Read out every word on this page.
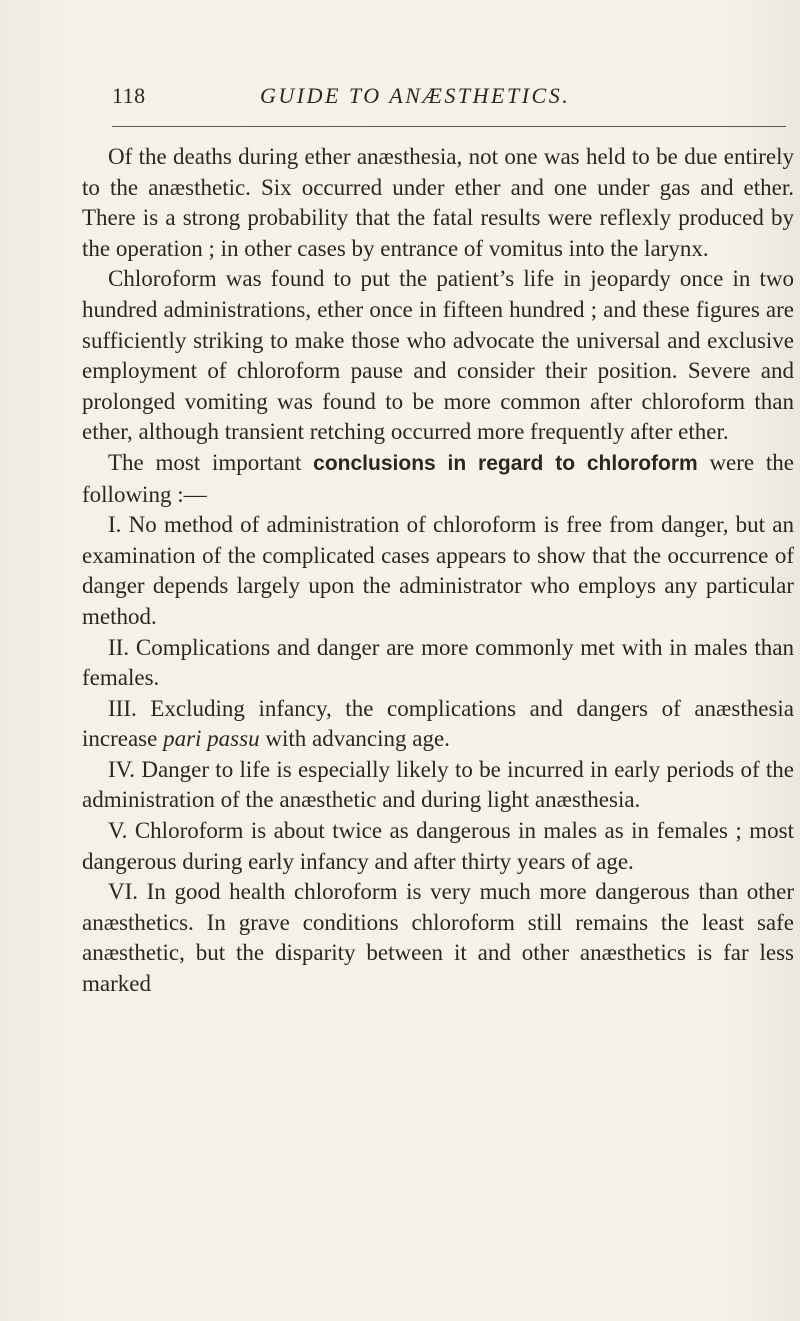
118	GUIDE TO ANÆSTHETICS.

Of the deaths during ether anæsthesia, not one was held to be due entirely to the anæsthetic. Six occurred under ether and one under gas and ether. There is a strong probability that the fatal results were reflexly produced by the operation ; in other cases by entrance of vomitus into the larynx.

Chloroform was found to put the patient’s life in jeopardy once in two hundred administrations, ether once in fifteen hundred ; and these figures are sufficiently striking to make those who advocate the universal and exclusive employment of chloroform pause and consider their position. Severe and prolonged vomiting was found to be more common after chloroform than ether, although transient retching occurred more frequently after ether.

The most important conclusions in regard to chloroform were the following :—

I. No method of administration of chloroform is free from danger, but an examination of the complicated cases appears to show that the occurrence of danger depends largely upon the administrator who employs any particular method.

II. Complications and danger are more commonly met with in males than females.

III. Excluding infancy, the complications and dangers of anæsthesia increase pari passu with advancing age.

IV. Danger to life is especially likely to be incurred in early periods of the administration of the anæsthetic and during light anæsthesia.

V. Chloroform is about twice as dangerous in males as in females ; most dangerous during early infancy and after thirty years of age.

VI. In good health chloroform is very much more dangerous than other anæsthetics. In grave conditions chloroform still remains the least safe anæsthetic, but the disparity between it and other anæsthetics is far less marked
